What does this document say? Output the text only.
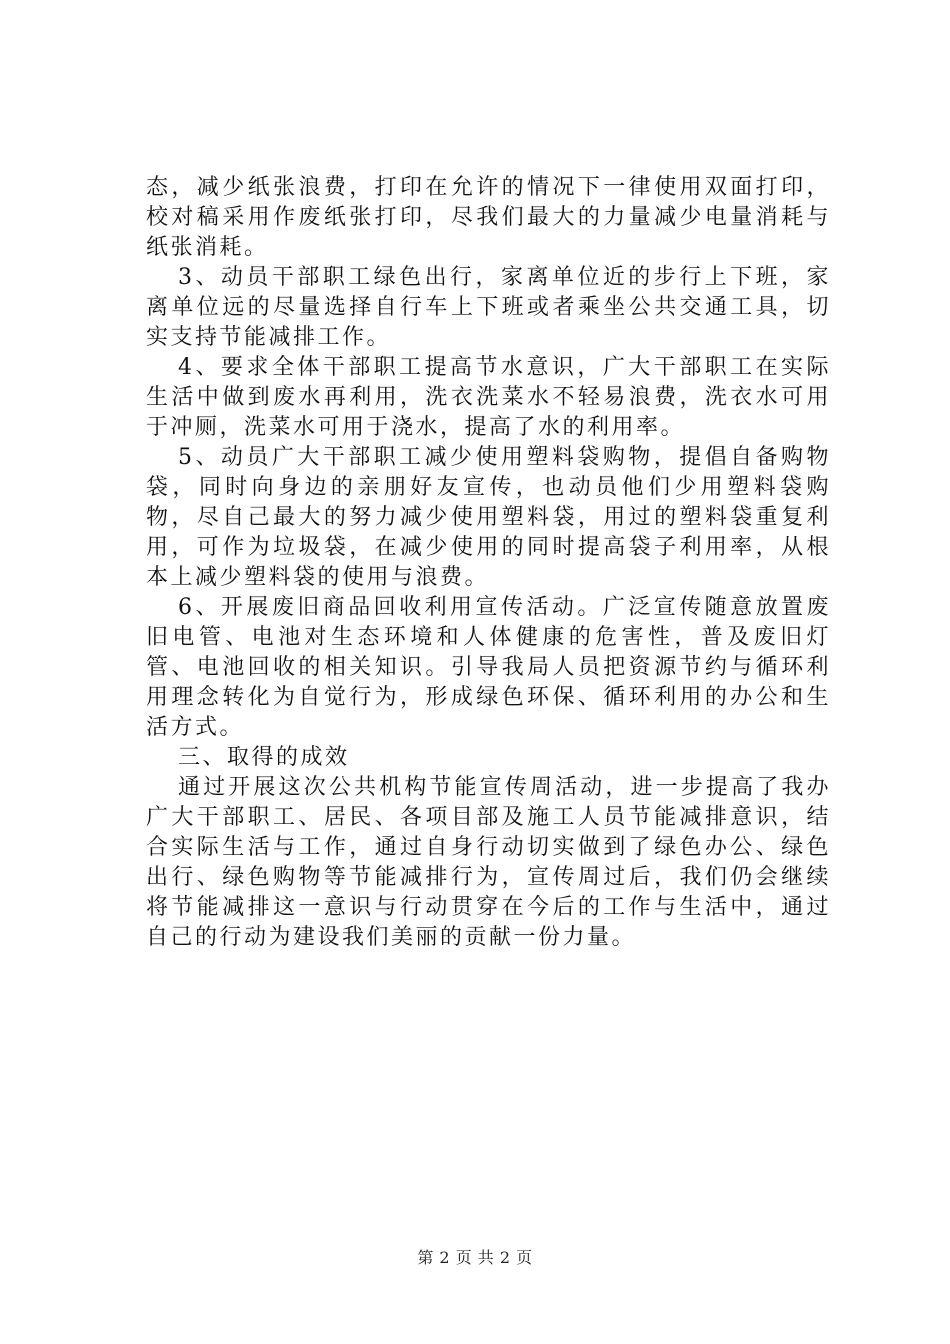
态，减少纸张浪费，打印在允许的情况下一律使用双面打印，校对稿采用作废纸张打印，尽我们最大的力量减少电量消耗与纸张消耗。

3、动员干部职工绿色出行，家离单位近的步行上下班，家离单位远的尽量选择自行车上下班或者乘坐公共交通工具，切实支持节能减排工作。

4、要求全体干部职工提高节水意识，广大干部职工在实际生活中做到废水再利用，洗衣洗菜水不轻易浪费，洗衣水可用于冲厕，洗菜水可用于浇水，提高了水的利用率。

5、动员广大干部职工减少使用塑料袋购物，提倡自备购物袋，同时向身边的亲朋好友宣传，也动员他们少用塑料袋购物，尽自己最大的努力减少使用塑料袋，用过的塑料袋重复利用，可作为垃圾袋，在减少使用的同时提高袋子利用率，从根本上减少塑料袋的使用与浪费。

6、开展废旧商品回收利用宣传活动。广泛宣传随意放置废旧电管、电池对生态环境和人体健康的危害性，普及废旧灯管、电池回收的相关知识。引导我局人员把资源节约与循环利用理念转化为自觉行为，形成绿色环保、循环利用的办公和生活方式。

三、取得的成效

通过开展这次公共机构节能宣传周活动，进一步提高了我办广大干部职工、居民、各项目部及施工人员节能减排意识，结合实际生活与工作，通过自身行动切实做到了绿色办公、绿色出行、绿色购物等节能减排行为，宣传周过后，我们仍会继续将节能减排这一意识与行动贯穿在今后的工作与生活中，通过自己的行动为建设我们美丽的贡献一份力量。

第 2 页 共 2 页
